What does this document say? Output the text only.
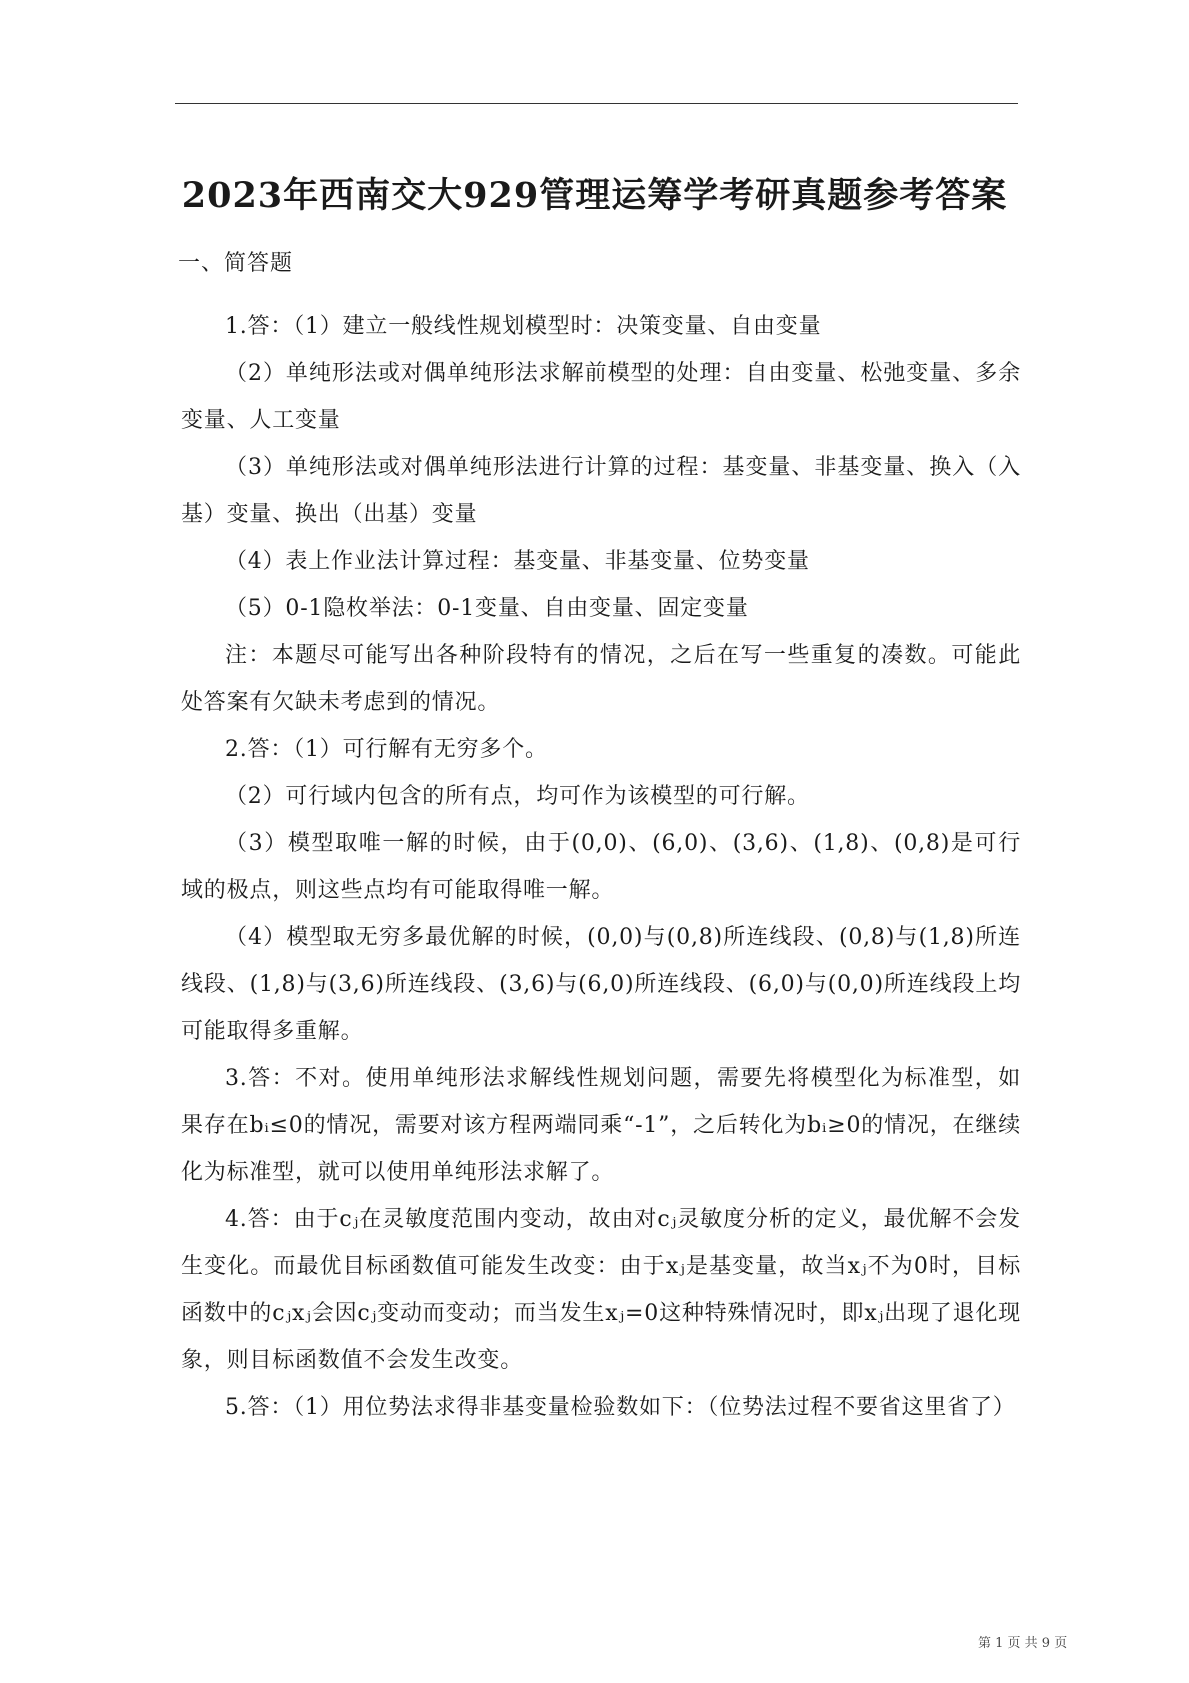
2023年西南交大929管理运筹学考研真题参考答案
一、简答题

1.答：（1）建立一般线性规划模型时：决策变量、自由变量

（2）单纯形法或对偶单纯形法求解前模型的处理：自由变量、松弛变量、多余变量、人工变量

（3）单纯形法或对偶单纯形法进行计算的过程：基变量、非基变量、换入（入基）变量、换出（出基）变量

（4）表上作业法计算过程：基变量、非基变量、位势变量

（5）0-1隐枚举法：0-1变量、自由变量、固定变量

注：本题尽可能写出各种阶段特有的情况，之后在写一些重复的凑数。可能此处答案有欠缺未考虑到的情况。

2.答：（1）可行解有无穷多个。

（2）可行域内包含的所有点，均可作为该模型的可行解。

（3）模型取唯一解的时候，由于(0,0)、(6,0)、(3,6)、(1,8)、(0,8)是可行域的极点，则这些点均有可能取得唯一解。

（4）模型取无穷多最优解的时候，(0,0)与(0,8)所连线段、(0,8)与(1,8)所连线段、(1,8)与(3,6)所连线段、(3,6)与(6,0)所连线段、(6,0)与(0,0)所连线段上均可能取得多重解。

3.答：不对。使用单纯形法求解线性规划问题，需要先将模型化为标准型，如果存在bᵢ≤0的情况，需要对该方程两端同乘“-1”，之后转化为bᵢ≥0的情况，在继续化为标准型，就可以使用单纯形法求解了。

4.答：由于cⱼ在灵敏度范围内变动，故由对cⱼ灵敏度分析的定义，最优解不会发生变化。而最优目标函数值可能发生改变：由于xⱼ是基变量，故当xⱼ不为0时，目标函数中的cⱼxⱼ会因cⱼ变动而变动；而当发生xⱼ=0这种特殊情况时，即xⱼ出现了退化现象，则目标函数值不会发生改变。

5.答：（1）用位势法求得非基变量检验数如下：（位势法过程不要省这里省了）

第 1 页 共 9 页
